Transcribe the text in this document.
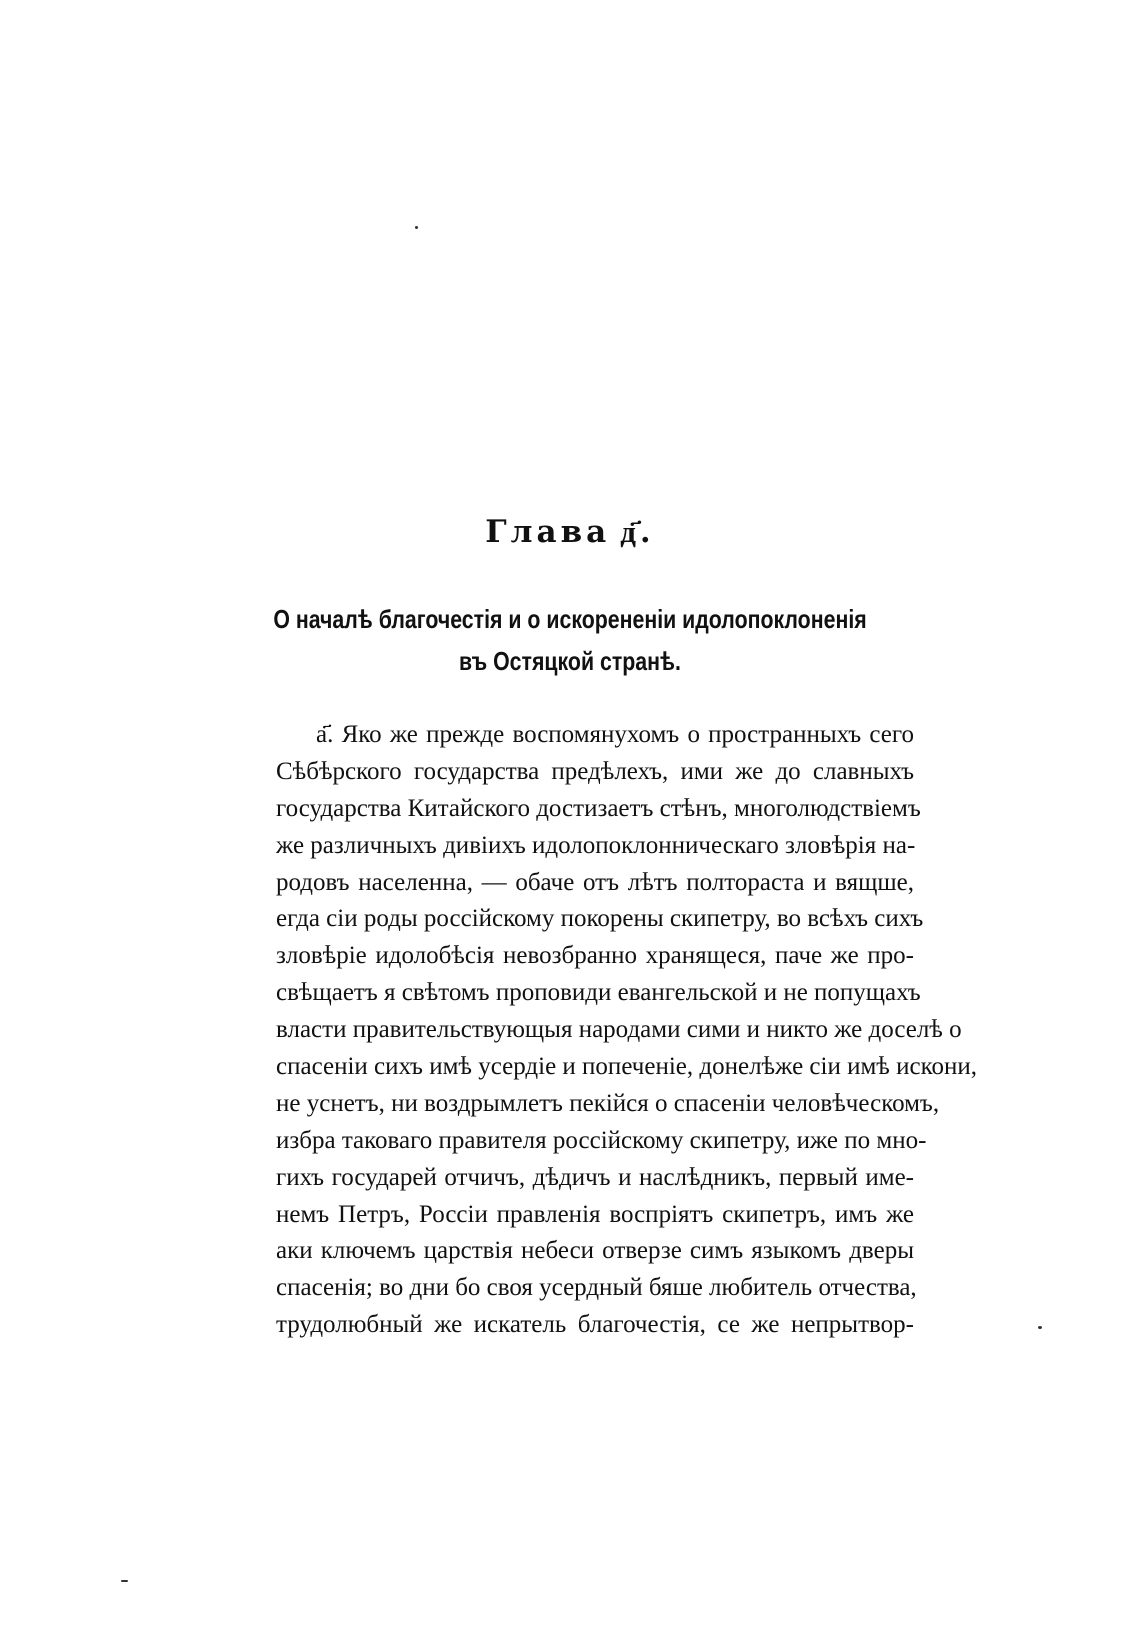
Глава д҃.
О началѣ благочестія и о искорененіи идолопоклоненія
въ Остяцкой странѣ.
а҃. Яко же прежде воспомянухомъ о пространныхъ сего
Сѣбѣрского государства предѣлехъ, ими же до славныхъ
государства Китайского достизаетъ стѣнъ, многолюдствіемъ
же различныхъ дивіихъ идолопоклонническаго зловѣрія на-
родовъ населенна, — обаче отъ лѣтъ полтораста и вящше,
егда сіи роды россійскому покорены скипетру, во всѣхъ сихъ
зловѣріе идолобѣсія невозбранно хранящеся, паче же про-
свѣщаетъ я свѣтомъ проповиди евангельской и не попущахъ
власти правительствующыя народами сими и никто же доселѣ о
спасеніи сихъ имѣ усердіе и попеченіе, донелѣже сіи имѣ искони,
не уснетъ, ни воздрымлетъ пекійся о спасеніи человѣческомъ,
избра таковаго правителя россійскому скипетру, иже по мно-
гихъ государей отчичъ, дѣдичъ и наслѣдникъ, первый име-
немъ Петръ, Россіи правленія воспріятъ скипетръ, имъ же
аки ключемъ царствія небеси отверзе симъ языкомъ дверы
спасенія; во дни бо своя усердный бяше любитель отчества,
трудолюбный же искатель благочестія, се же непрытвор-
